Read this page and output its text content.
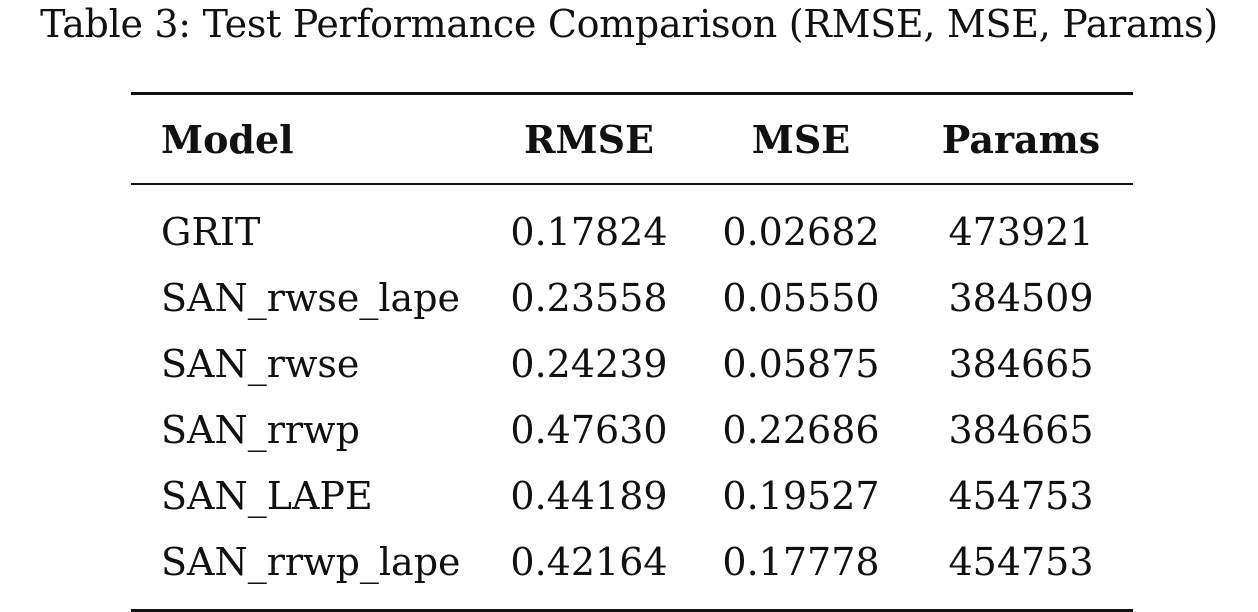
Table 3: Test Performance Comparison (RMSE, MSE, Params)
Model	RMSE	MSE	Params
GRIT	0.17824 0.02682	473921
SAN_rwse_lape 0.23558 0.05550	384509
SAN_rwse	0.24239 0.05875	384665
SAN_rrwp	0.47630 0.22686	384665
SAN_LAPE	0.44189 0.19527	454753
SAN_rrwp_lape 0.42164 0.17778	454753
